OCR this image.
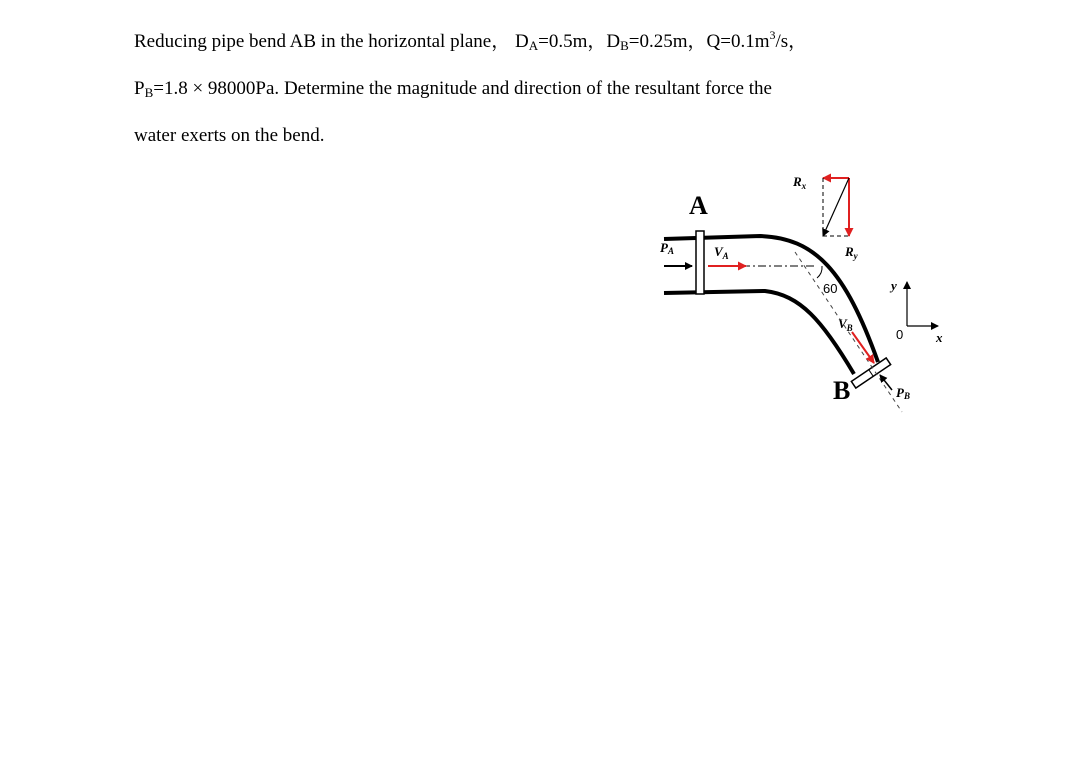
Reducing pipe bend AB in the horizontal plane， $D_A=0.5m$，$D_B=0.25m$，$Q=0.1m^3/s$，

$P_B=1.8 \times 98000Pa$. Determine the magnitude and direction of the resultant force the

water exerts on the bend.

A
B
PA	$V_A$
$V_B$
PB
$R_x$
$R_y$
60	y
x
0
